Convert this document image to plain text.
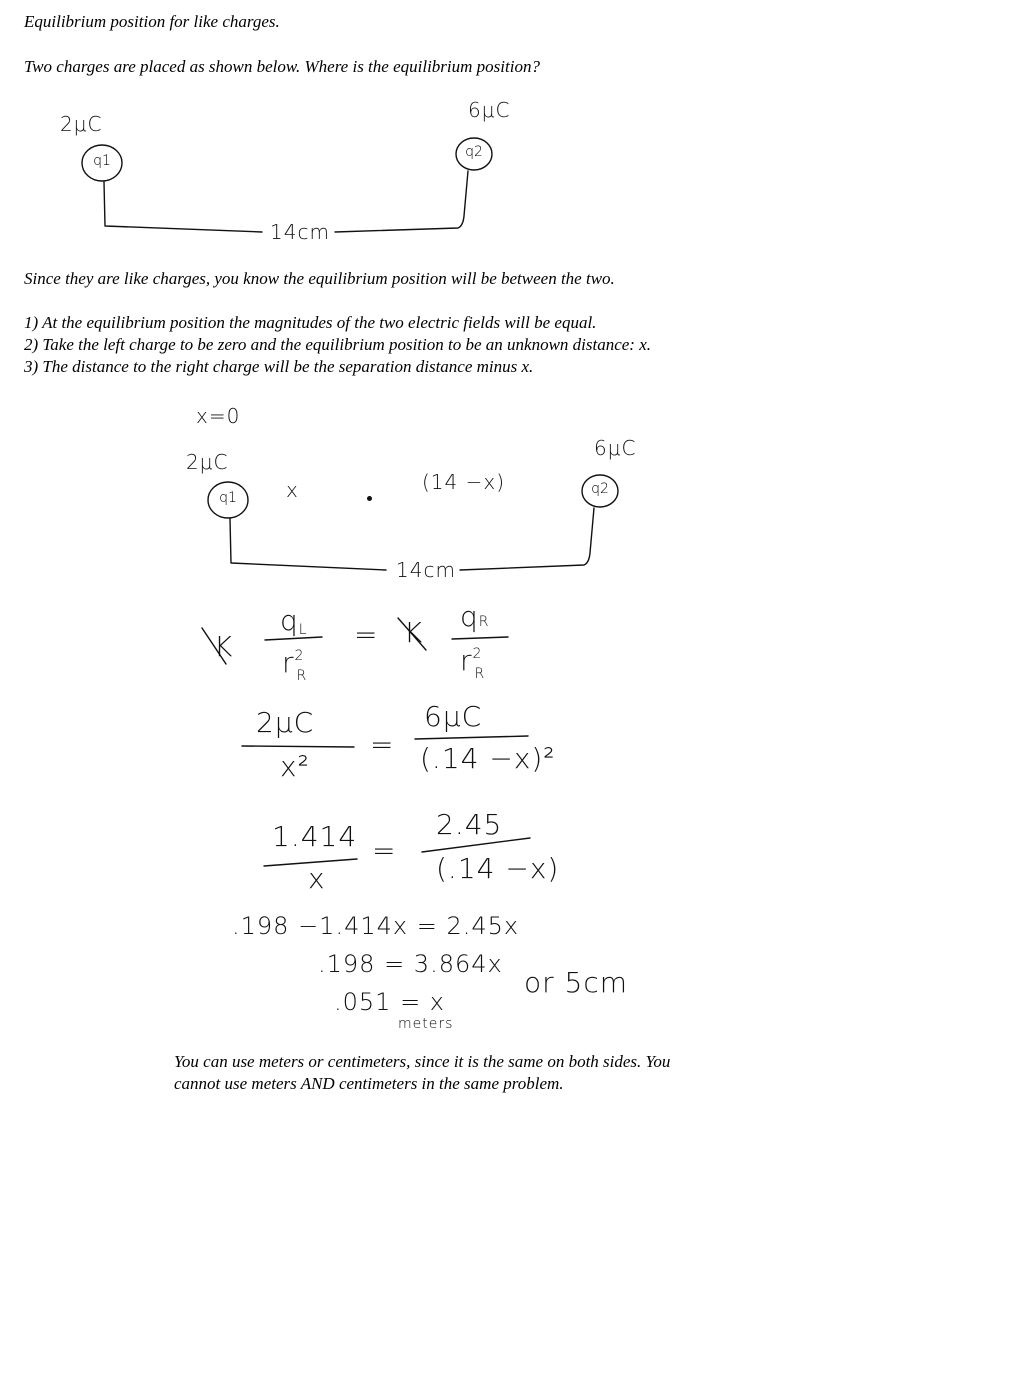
Equilibrium position for like charges.

Two charges are placed as shown below. Where is the equilibrium position?

2μC
q1
6μC
q2
14cm

Since they are like charges, you know the equilibrium position will be between the two.

1) At the equilibrium position the magnitudes of the two electric fields will be equal.

2) Take the left charge to be zero and the equilibrium position to be an unknown distance: x.

3) The distance to the right charge will be the separation distance minus x.

x=0
2μC
q1
6μC
q2
x	(14 −x)
14cm
K
qL
$r^2_R$
= K qR
$r^2_R$
2μC
x²
=
6μC
(.14 −x)²
1.414
x
=
2.45
(.14 −x)
.198 −1.414x = 2.45x
.198 = 3.864x
.051 = x
meters
or 5cm

You can use meters or centimeters, since it is the same on both sides. You

cannot use meters AND centimeters in the same problem.
